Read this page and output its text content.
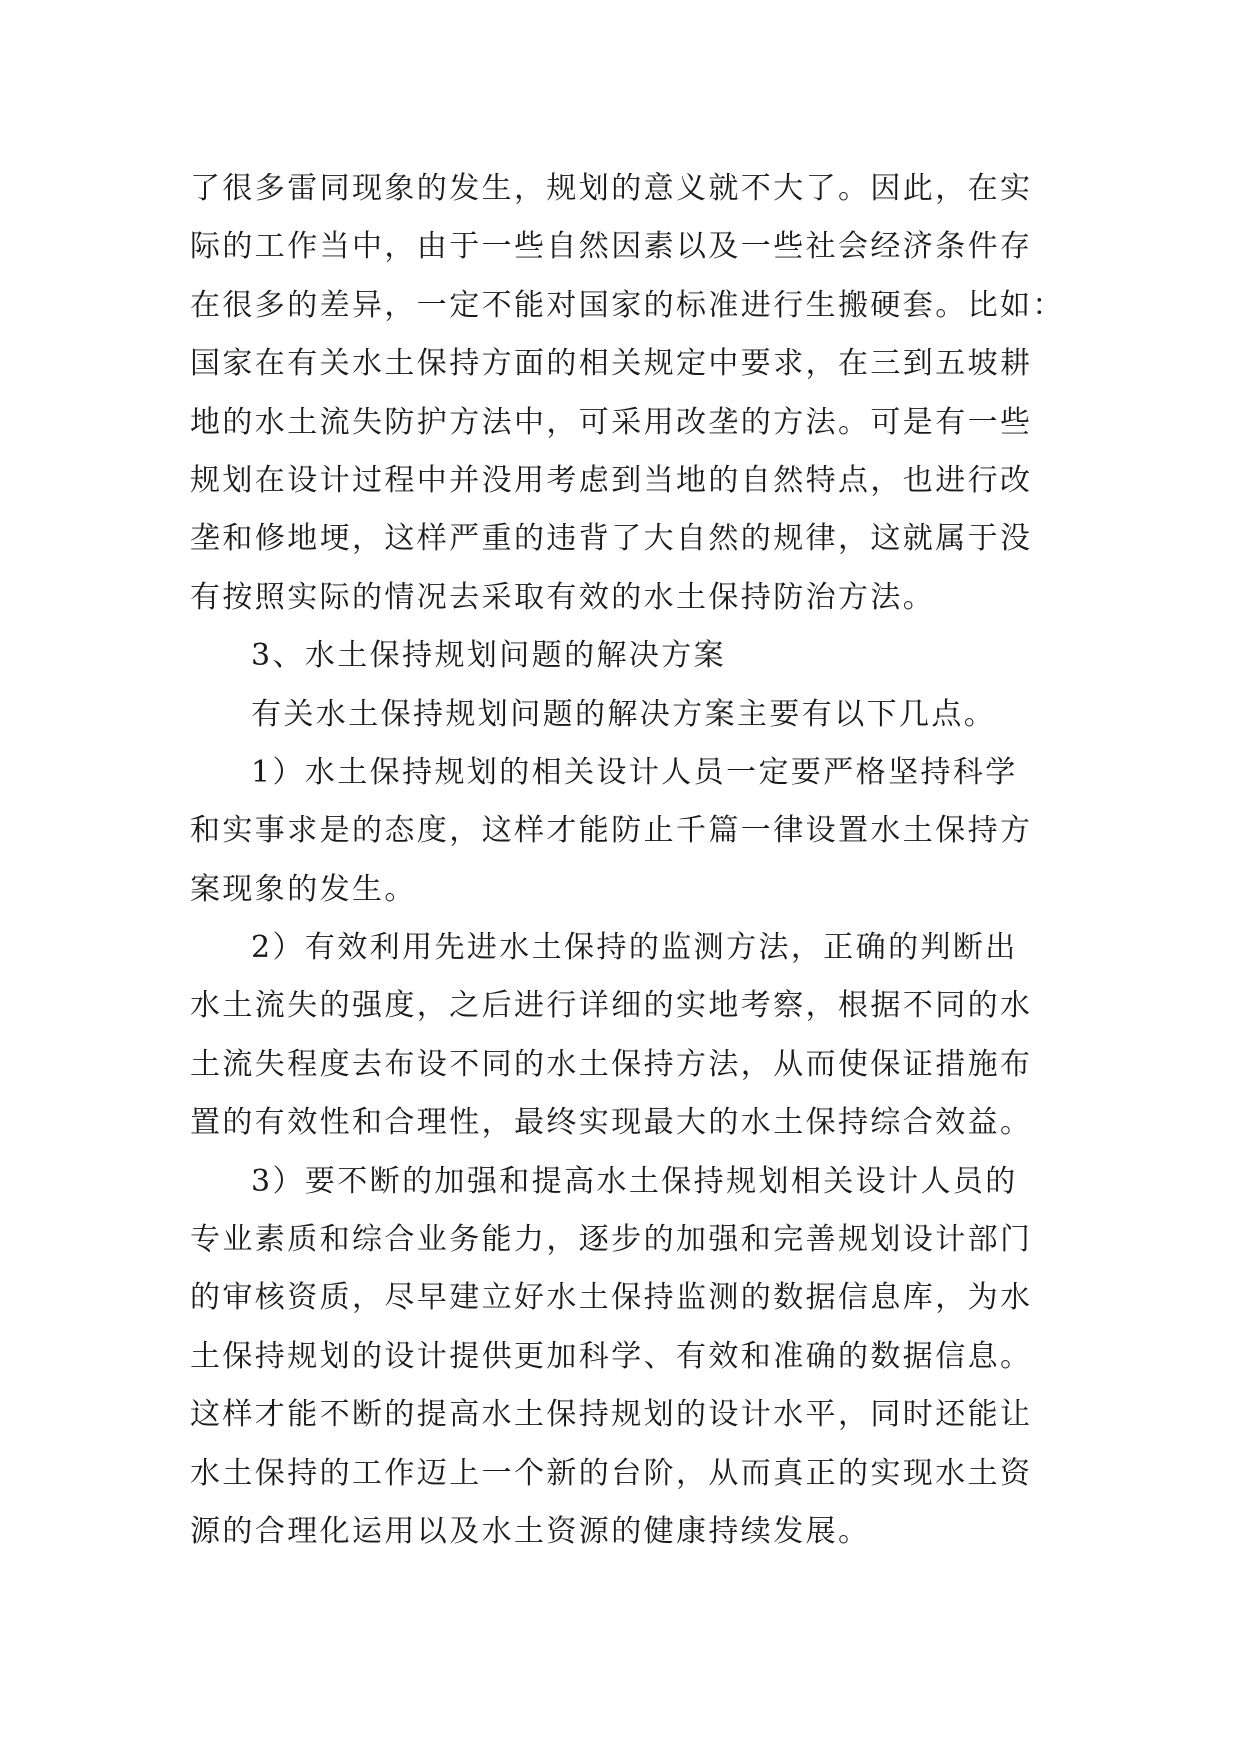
了很多雷同现象的发生，规划的意义就不大了。因此，在实
际的工作当中，由于一些自然因素以及一些社会经济条件存
在很多的差异，一定不能对国家的标准进行生搬硬套。比如：
国家在有关水土保持方面的相关规定中要求，在三到五坡耕
地的水土流失防护方法中，可采用改垄的方法。可是有一些
规划在设计过程中并没用考虑到当地的自然特点，也进行改
垄和修地埂，这样严重的违背了大自然的规律，这就属于没
有按照实际的情况去采取有效的水土保持防治方法。
3、水土保持规划问题的解决方案
有关水土保持规划问题的解决方案主要有以下几点。
1）水土保持规划的相关设计人员一定要严格坚持科学
和实事求是的态度，这样才能防止千篇一律设置水土保持方
案现象的发生。
2）有效利用先进水土保持的监测方法，正确的判断出
水土流失的强度，之后进行详细的实地考察，根据不同的水
土流失程度去布设不同的水土保持方法，从而使保证措施布
置的有效性和合理性，最终实现最大的水土保持综合效益。
3）要不断的加强和提高水土保持规划相关设计人员的
专业素质和综合业务能力，逐步的加强和完善规划设计部门
的审核资质，尽早建立好水土保持监测的数据信息库，为水
土保持规划的设计提供更加科学、有效和准确的数据信息。
这样才能不断的提高水土保持规划的设计水平，同时还能让
水土保持的工作迈上一个新的台阶，从而真正的实现水土资
源的合理化运用以及水土资源的健康持续发展。
